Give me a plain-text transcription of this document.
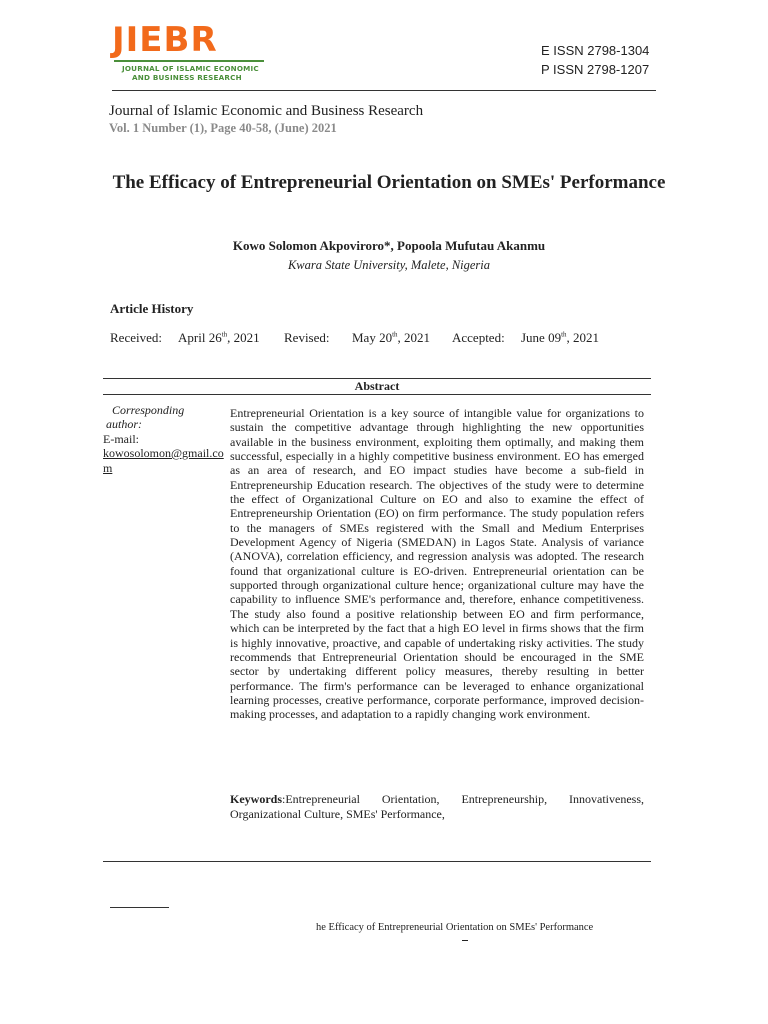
JIEBR
JOURNAL OF ISLAMIC ECONOMIC
AND BUSINESS RESEARCH
E ISSN 2798-1304
P ISSN 2798-1207
Journal of Islamic Economic and Business Research
Vol. 1 Number (1), Page 40-58, (June) 2021
The Efficacy of Entrepreneurial Orientation on SMEs' Performance
Kowo Solomon Akpoviroro*, Popoola Mufutau Akanmu
Kwara State University, Malete, Nigeria
Article History
Received: April 26th, 2021 Revised: May 20th, 2021 Accepted: June 09th, 2021
Abstract
Corresponding author:
E-mail:
kowosolomon@gmail.com
Entrepreneurial Orientation is a key source of intangible value for organizations to sustain the competitive advantage through highlighting the new opportunities available in the business environment, exploiting them optimally, and making them successful, especially in a highly competitive business environment. EO has emerged as an area of research, and EO impact studies have become a sub-field in Entrepreneurship Education research. The objectives of the study were to determine the effect of Organizational Culture on EO and also to examine the effect of Entrepreneurship Orientation (EO) on firm performance. The study population refers to the managers of SMEs registered with the Small and Medium Enterprises Development Agency of Nigeria (SMEDAN) in Lagos State. Analysis of variance (ANOVA), correlation efficiency, and regression analysis was adopted. The research found that organizational culture is EO-driven. Entrepreneurial orientation can be supported through organizational culture hence; organizational culture may have the capability to influence SME's performance and, therefore, enhance competitiveness. The study also found a positive relationship between EO and firm performance, which can be interpreted by the fact that a high EO level in firms shows that the firm is highly innovative, proactive, and capable of undertaking risky activities. The study recommends that Entrepreneurial Orientation should be encouraged in the SME sector by undertaking different policy measures, thereby resulting in better performance. The firm's performance can be leveraged to enhance organizational learning processes, creative performance, corporate performance, improved decision-making processes, and adaptation to a rapidly changing work environment.
Keywords:Entrepreneurial Orientation, Entrepreneurship, Innovativeness, Organizational Culture, SMEs' Performance,
he Efficacy of Entrepreneurial Orientation on SMEs' Performance
